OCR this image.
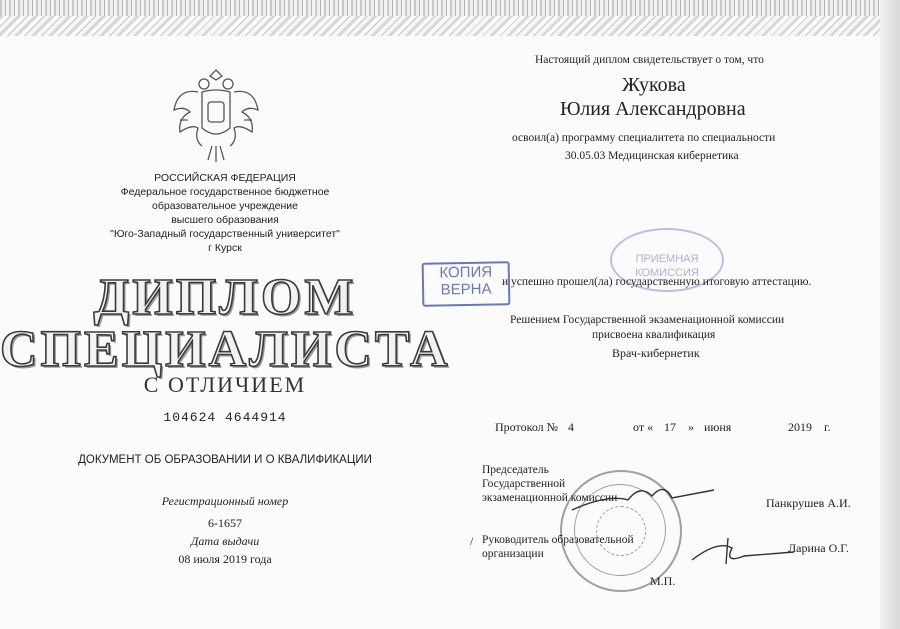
РОССИЙСКАЯ ФЕДЕРАЦИЯ
Федеральное государственное бюджетное
образовательное учреждение
высшего образования
"Юго-Западный государственный университет"
г Курск
ДИПЛОМ
СПЕЦИАЛИСТА
С ОТЛИЧИЕМ
104624 4644914
ДОКУМЕНТ ОБ ОБРАЗОВАНИИ И О КВАЛИФИКАЦИИ
Регистрационный номер
6-1657
Дата выдачи
08 июля 2019 года
КОПИЯ
ВЕРНА
ПРИЕМНАЯ КОМИССИЯ
Настоящий диплом свидетельствует о том, что
Жукова
Юлия Александровна
освоил(а) программу специалитета по специальности
30.05.03 Медицинская кибернетика
и успешно прошел(ла) государственную итоговую аттестацию.
Решением Государственной экзаменационной комиссии
присвоена квалификация
Врач-кибернетик
Протокол № 4	от « 17 » июня	2019 г.
Председатель
Государственной
экзаменационной комиссии	Панкрушев А.И.
/ Руководитель образовательной
организации	Ларина О.Г.
М.П.
